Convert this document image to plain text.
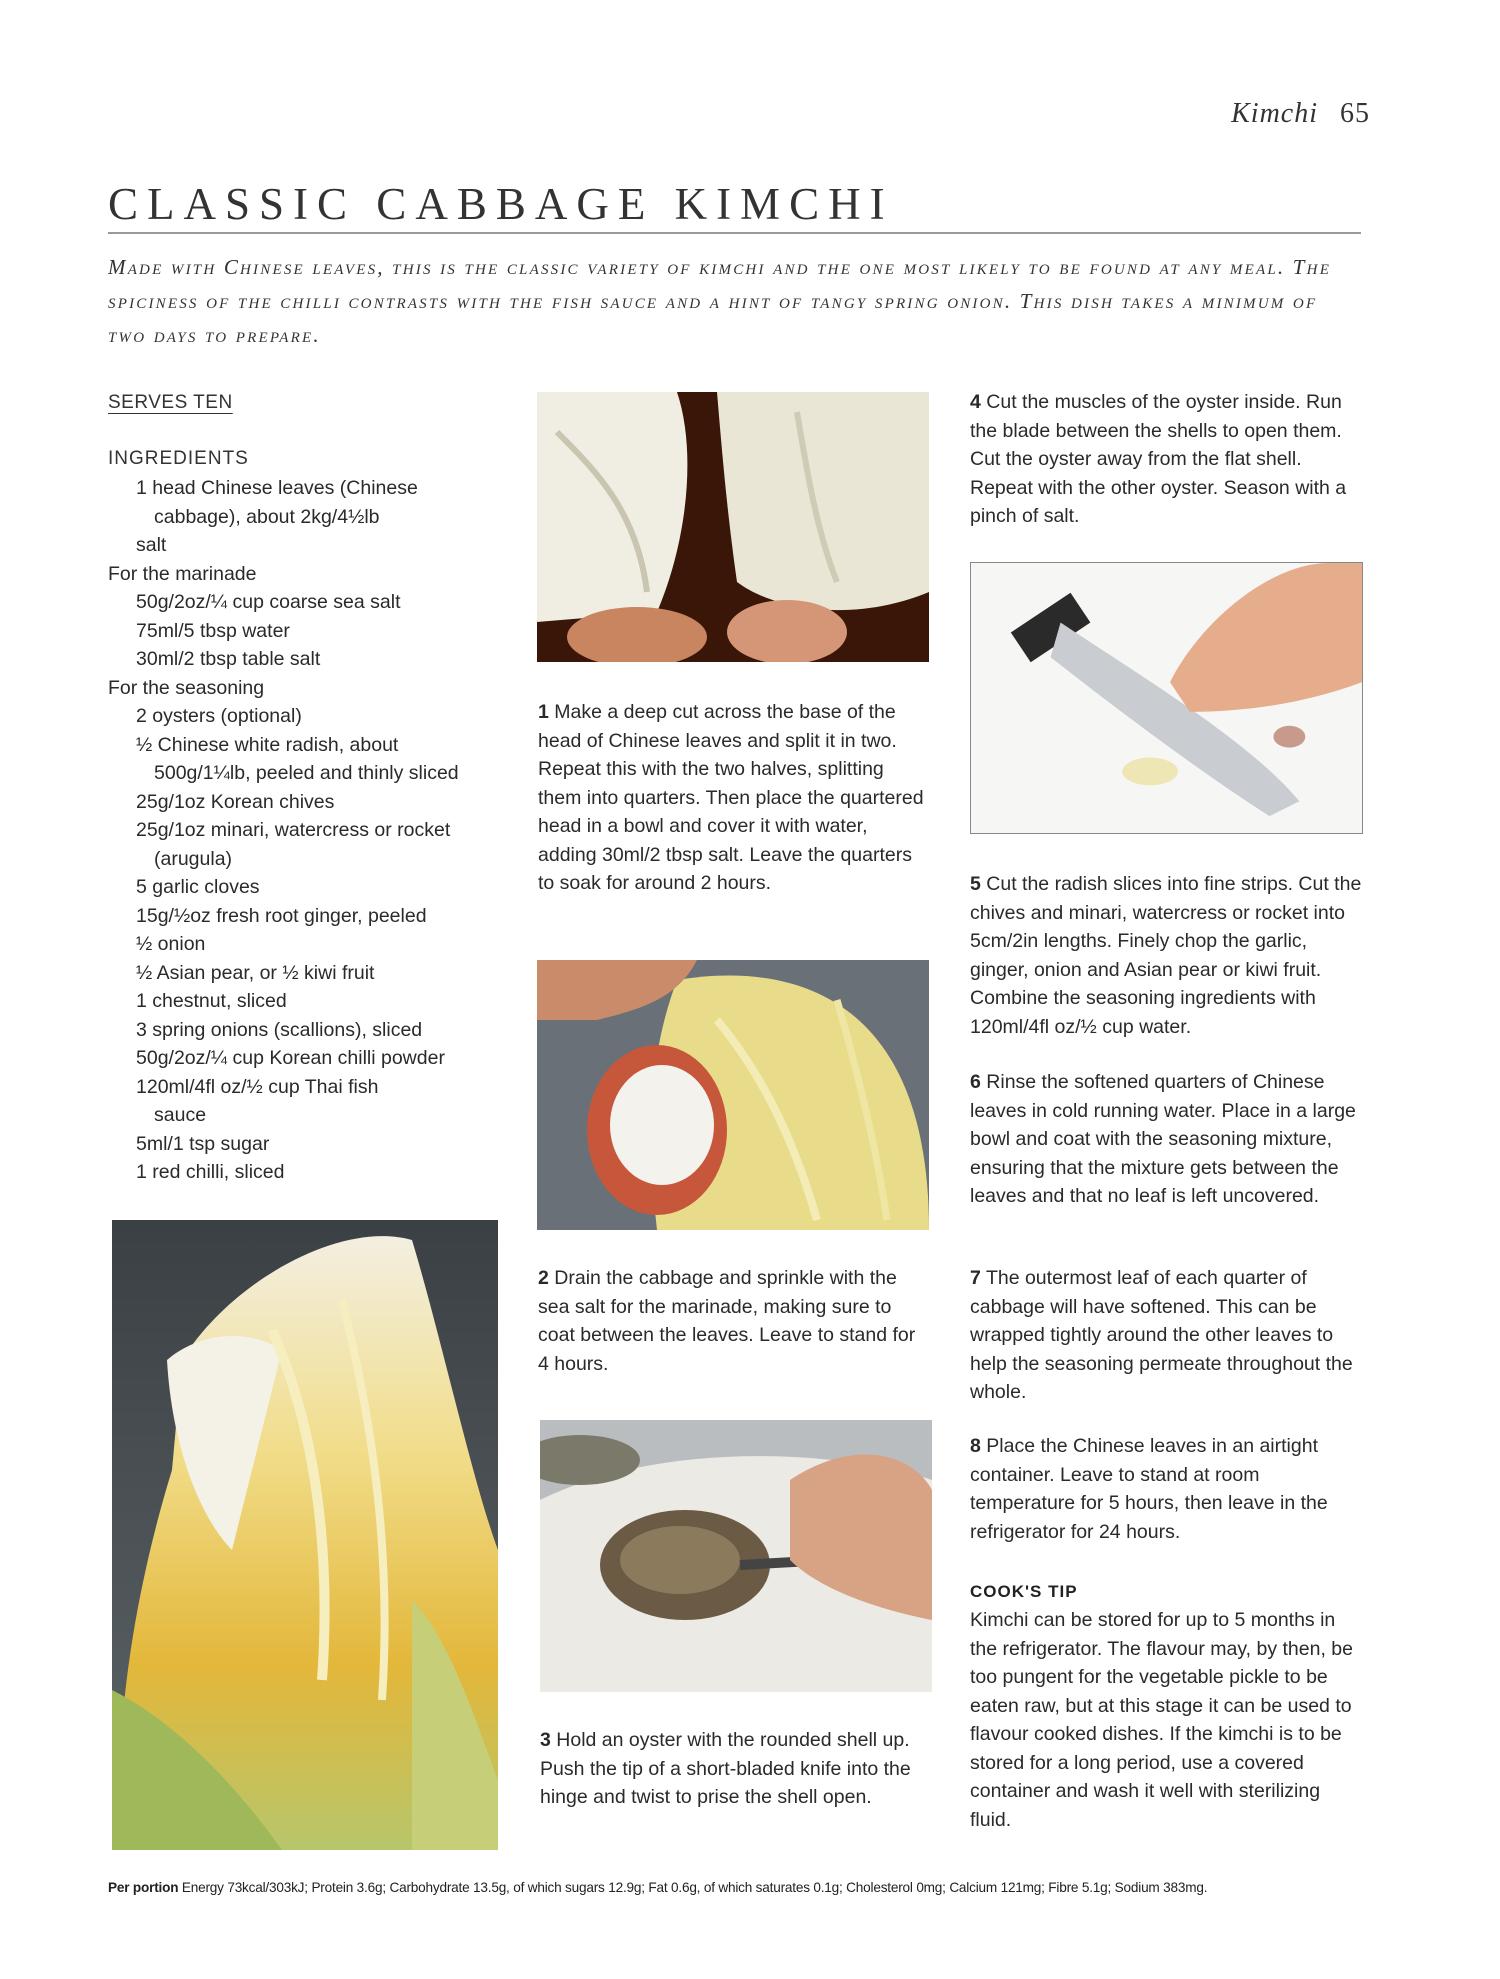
Kimchi 65
CLASSIC CABBAGE KIMCHI
Made with Chinese leaves, this is the classic variety of kimchi and the one most likely to be found at any meal. The spiciness of the chilli contrasts with the fish sauce and a hint of tangy spring onion. This dish takes a minimum of two days to prepare.
SERVES TEN
INGREDIENTS
1 head Chinese leaves (Chinese
cabbage), about 2kg/4½lb
salt
For the marinade
50g/2oz/¼ cup coarse sea salt
75ml/5 tbsp water
30ml/2 tbsp table salt
For the seasoning
2 oysters (optional)
½ Chinese white radish, about
500g/1¼lb, peeled and thinly sliced
25g/1oz Korean chives
25g/1oz minari, watercress or rocket
(arugula)
5 garlic cloves
15g/½oz fresh root ginger, peeled
½ onion
½ Asian pear, or ½ kiwi fruit
1 chestnut, sliced
3 spring onions (scallions), sliced
50g/2oz/¼ cup Korean chilli powder
120ml/4fl oz/½ cup Thai fish
sauce
5ml/1 tsp sugar
1 red chilli, sliced
1 Make a deep cut across the base of the head of Chinese leaves and split it in two. Repeat this with the two halves, splitting them into quarters. Then place the quartered head in a bowl and cover it with water, adding 30ml/2 tbsp salt. Leave the quarters to soak for around 2 hours.
2 Drain the cabbage and sprinkle with the sea salt for the marinade, making sure to coat between the leaves. Leave to stand for 4 hours.
3 Hold an oyster with the rounded shell up. Push the tip of a short-bladed knife into the hinge and twist to prise the shell open.
4 Cut the muscles of the oyster inside. Run the blade between the shells to open them. Cut the oyster away from the flat shell. Repeat with the other oyster. Season with a pinch of salt.
5 Cut the radish slices into fine strips. Cut the chives and minari, watercress or rocket into 5cm/2in lengths. Finely chop the garlic, ginger, onion and Asian pear or kiwi fruit. Combine the seasoning ingredients with 120ml/4fl oz/½ cup water.
6 Rinse the softened quarters of Chinese leaves in cold running water. Place in a large bowl and coat with the seasoning mixture, ensuring that the mixture gets between the leaves and that no leaf is left uncovered.
7 The outermost leaf of each quarter of cabbage will have softened. This can be wrapped tightly around the other leaves to help the seasoning permeate throughout the whole.
8 Place the Chinese leaves in an airtight container. Leave to stand at room temperature for 5 hours, then leave in the refrigerator for 24 hours.
COOK'S TIP
Kimchi can be stored for up to 5 months in the refrigerator. The flavour may, by then, be too pungent for the vegetable pickle to be eaten raw, but at this stage it can be used to flavour cooked dishes. If the kimchi is to be stored for a long period, use a covered container and wash it well with sterilizing fluid.
Per portion Energy 73kcal/303kJ; Protein 3.6g; Carbohydrate 13.5g, of which sugars 12.9g; Fat 0.6g, of which saturates 0.1g; Cholesterol 0mg; Calcium 121mg; Fibre 5.1g; Sodium 383mg.
